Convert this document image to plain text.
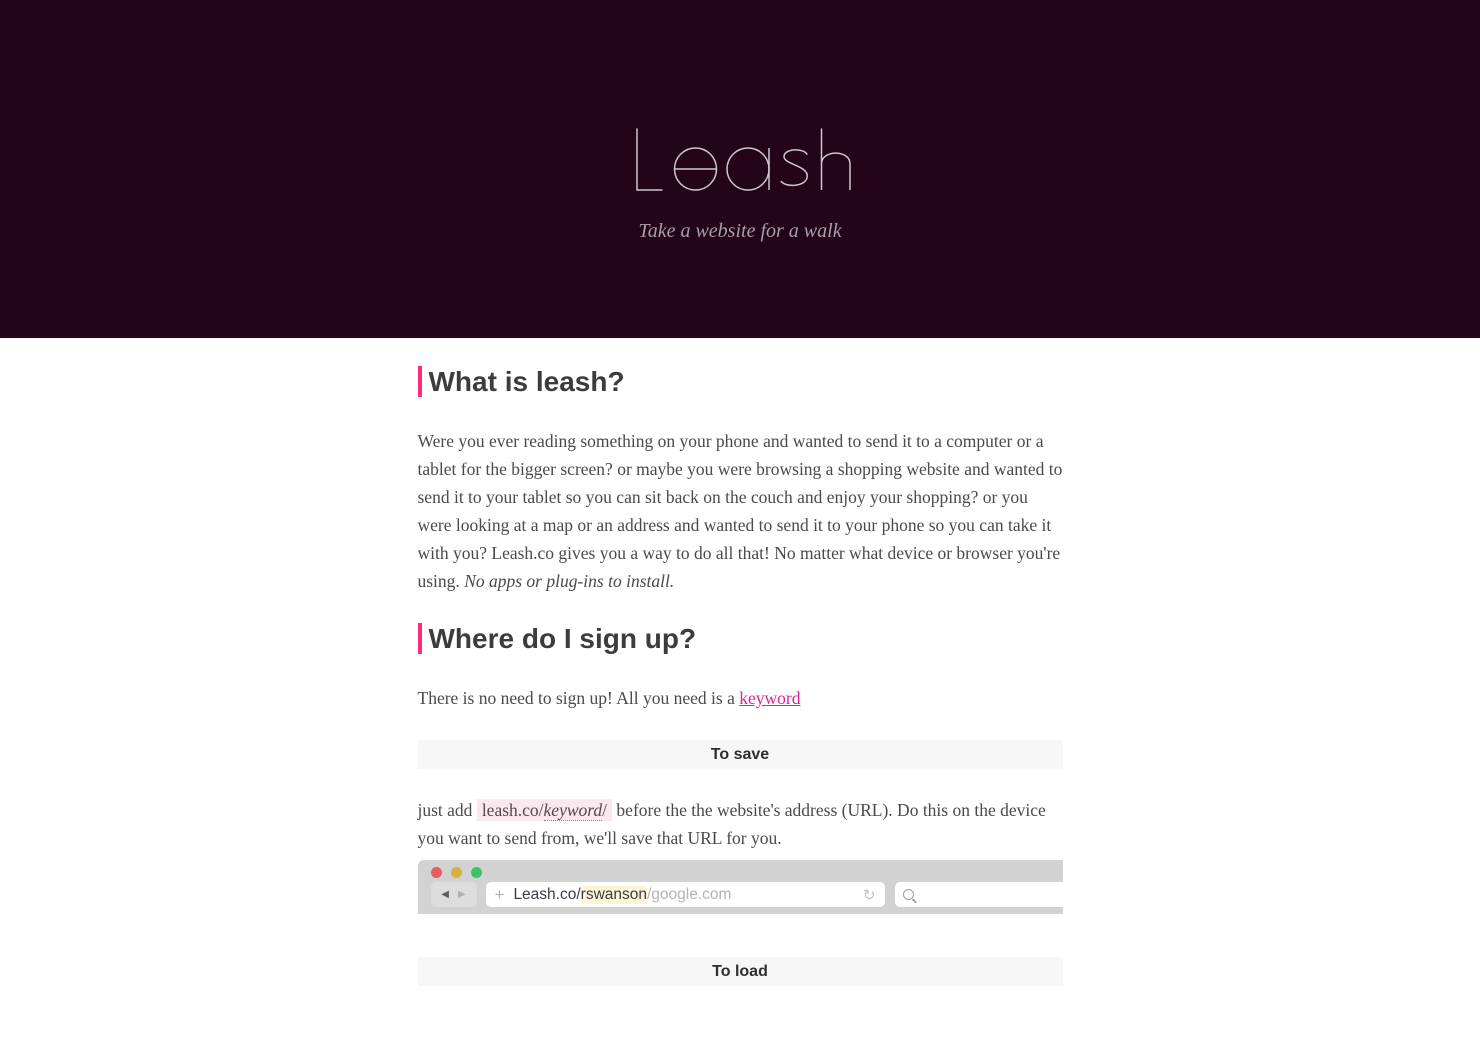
Take a website for a walk

What is leash?

Were you ever reading something on your phone and wanted to send it to a computer or a tablet for the bigger screen? or maybe you were browsing a shopping website and wanted to send it to your tablet so you can sit back on the couch and enjoy your shopping? or you were looking at a map or an address and wanted to send it to your phone so you can take it with you? Leash.co gives you a way to do all that! No matter what device or browser you're using. No apps or plug-ins to install.

Where do I sign up?

There is no need to sign up! All you need is a keyword

To save

just add leash.co/keyword/ before the the website's address (URL). Do this on the device you want to send from, we'll save that URL for you.

◀ ▶ + Leash.co/ rswanson /google.com	↻
To load
